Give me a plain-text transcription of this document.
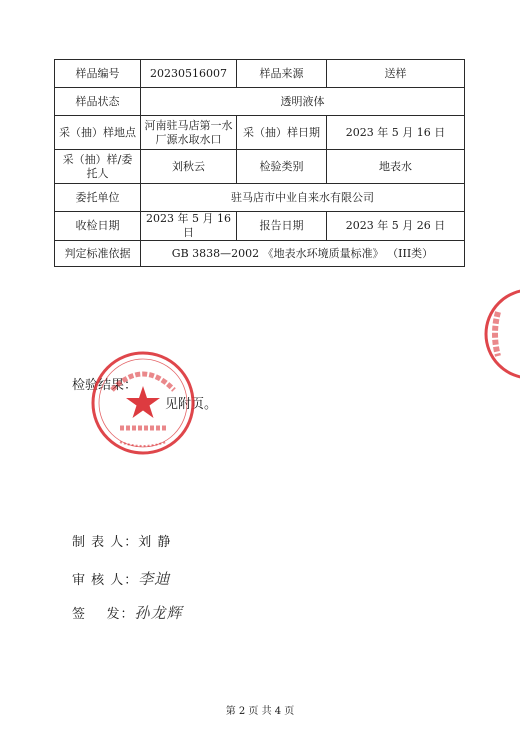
样品编号	20230516007	样品来源	送样
样品状态	透明液体		
采（抽）样地点	河南驻马店第一水厂源水取水口	采（抽）样日期	2023 年 5 月 16 日
采（抽）样/委托人	刘秋云	检验类别	地表水
委托单位	驻马店市中业自来水有限公司		
收检日期	2023 年 5 月 16 日	报告日期	2023 年 5 月 26 日
判定标准依据	GB 3838—2002 《地表水环境质量标准》 （III类）		
检验结果：
见附页。
制 表 人：刘 静
审 核 人：李迪
签    发：孙龙辉
第 2 页 共 4 页
